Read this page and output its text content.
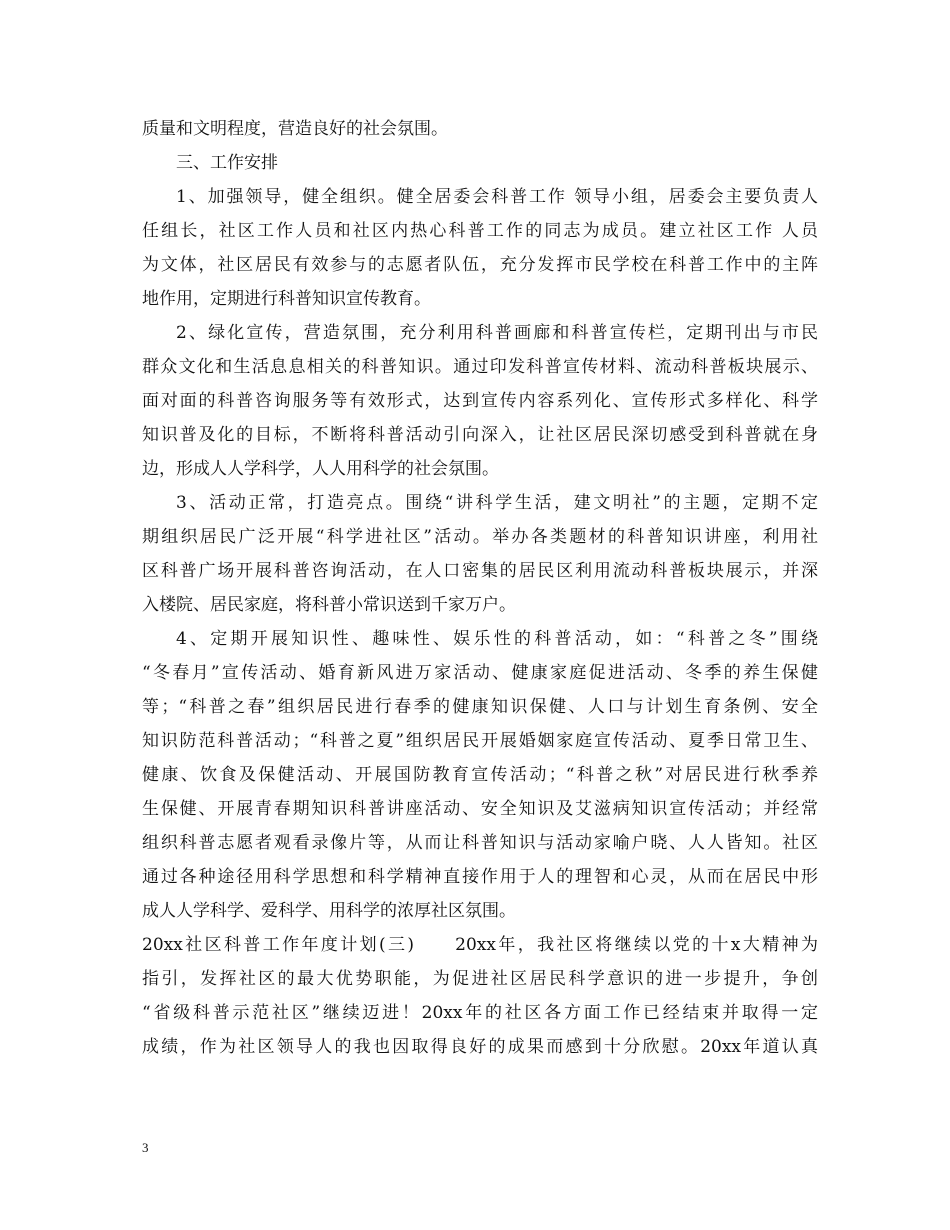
质量和文明程度，营造良好的社会氛围。
三、工作安排
1、加强领导，健全组织。健全居委会科普工作 领导小组，居委会主要负责人
任组长，社区工作人员和社区内热心科普工作的同志为成员。建立社区工作 人员
为文体，社区居民有效参与的志愿者队伍，充分发挥市民学校在科普工作中的主阵
地作用，定期进行科普知识宣传教育。
2、绿化宣传，营造氛围，充分利用科普画廊和科普宣传栏，定期刊出与市民
群众文化和生活息息相关的科普知识。通过印发科普宣传材料、流动科普板块展示、
面对面的科普咨询服务等有效形式，达到宣传内容系列化、宣传形式多样化、科学
知识普及化的目标，不断将科普活动引向深入，让社区居民深切感受到科普就在身
边，形成人人学科学，人人用科学的社会氛围。
3、活动正常，打造亮点。围绕“讲科学生活，建文明社”的主题，定期不定
期组织居民广泛开展“科学进社区”活动。举办各类题材的科普知识讲座，利用社
区科普广场开展科普咨询活动，在人口密集的居民区利用流动科普板块展示，并深
入楼院、居民家庭，将科普小常识送到千家万户。
4、定期开展知识性、趣味性、娱乐性的科普活动，如：“科普之冬”围绕
“冬春月”宣传活动、婚育新风进万家活动、健康家庭促进活动、冬季的养生保健
等；“科普之春”组织居民进行春季的健康知识保健、人口与计划生育条例、安全
知识防范科普活动；“科普之夏”组织居民开展婚姻家庭宣传活动、夏季日常卫生、
健康、饮食及保健活动、开展国防教育宣传活动；“科普之秋”对居民进行秋季养
生保健、开展青春期知识科普讲座活动、安全知识及艾滋病知识宣传活动；并经常
组织科普志愿者观看录像片等，从而让科普知识与活动家喻户晓、人人皆知。社区
通过各种途径用科学思想和科学精神直接作用于人的理智和心灵，从而在居民中形
成人人学科学、爱科学、用科学的浓厚社区氛围。
20xx社区科普工作年度计划(三)　　20xx年，我社区将继续以党的十x大精神为
指引，发挥社区的最大优势职能，为促进社区居民科学意识的进一步提升，争创
“省级科普示范社区”继续迈进！20xx年的社区各方面工作已经结束并取得一定
成绩，作为社区领导人的我也因取得良好的成果而感到十分欣慰。20xx年道认真
3
